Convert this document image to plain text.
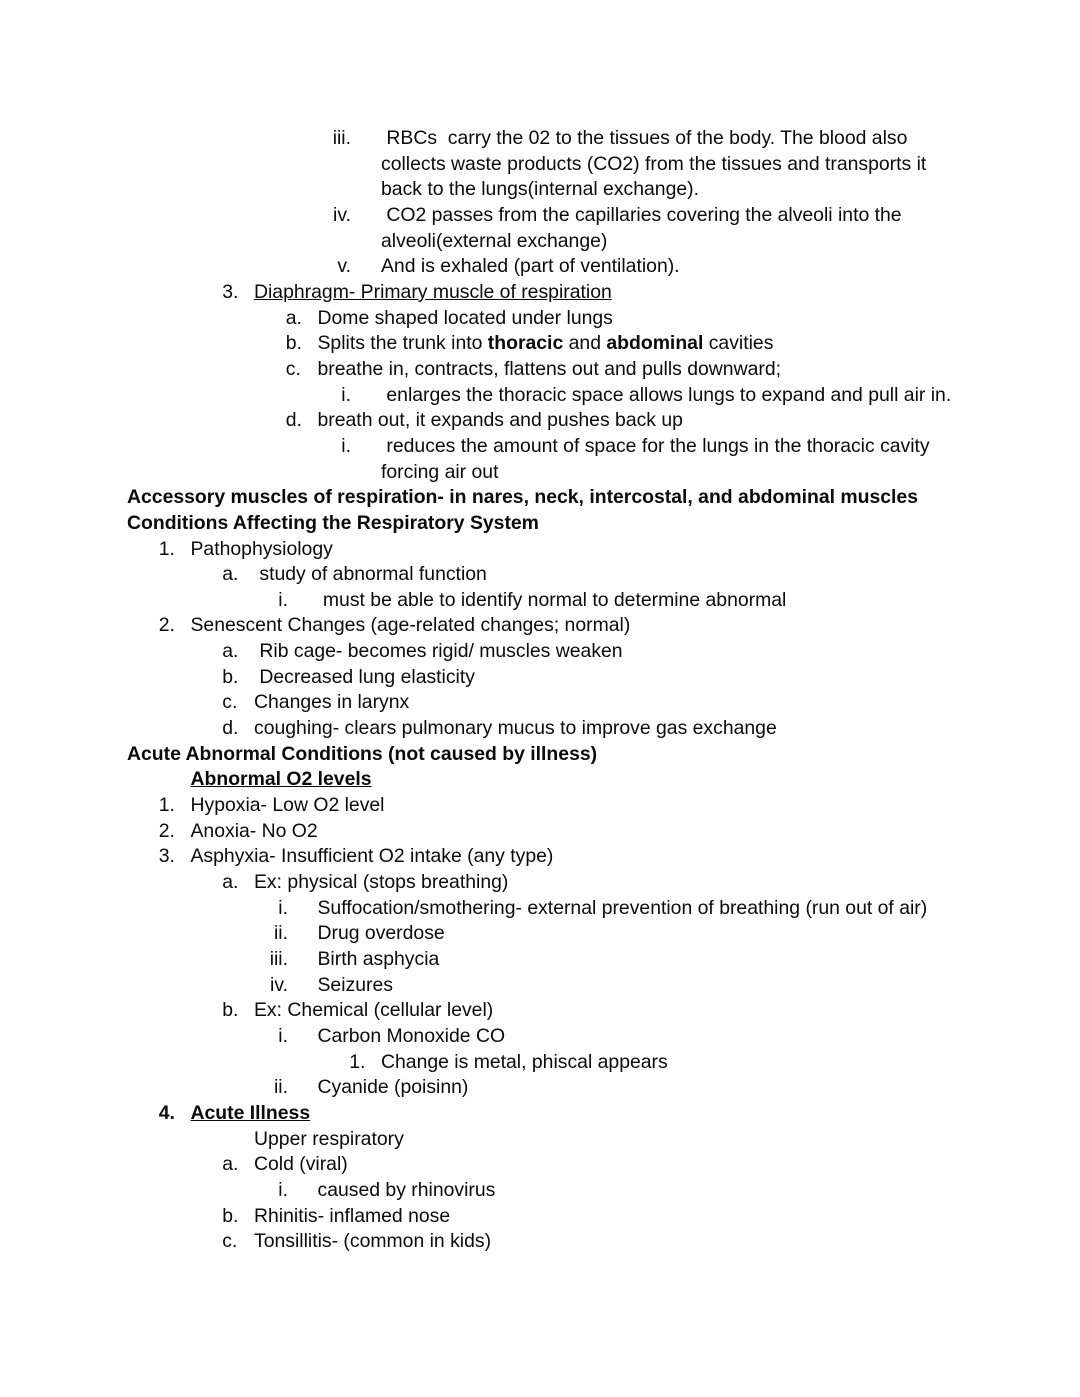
iii. RBCs  carry the 02 to the tissues of the body. The blood also collects waste products (CO2) from the tissues and transports it back to the lungs(internal exchange).
iv. CO2 passes from the capillaries covering the alveoli into the alveoli(external exchange)
v. And is exhaled (part of ventilation).
3. Diaphragm- Primary muscle of respiration
a. Dome shaped located under lungs
b. Splits the trunk into thoracic and abdominal cavities
c. breathe in, contracts, flattens out and pulls downward;
i. enlarges the thoracic space allows lungs to expand and pull air in.
d. breath out, it expands and pushes back up
i. reduces the amount of space for the lungs in the thoracic cavity forcing air out
Accessory muscles of respiration- in nares, neck, intercostal, and abdominal muscles
Conditions Affecting the Respiratory System
1. Pathophysiology
a. study of abnormal function
i. must be able to identify normal to determine abnormal
2. Senescent Changes (age-related changes; normal)
a. Rib cage- becomes rigid/ muscles weaken
b. Decreased lung elasticity
c. Changes in larynx
d. coughing- clears pulmonary mucus to improve gas exchange
Acute Abnormal Conditions (not caused by illness)
Abnormal O2 levels
1. Hypoxia- Low O2 level
2. Anoxia- No O2
3. Asphyxia- Insufficient O2 intake (any type)
a. Ex: physical (stops breathing)
i. Suffocation/smothering- external prevention of breathing (run out of air)
ii. Drug overdose
iii. Birth asphycia
iv. Seizures
b. Ex: Chemical (cellular level)
i. Carbon Monoxide CO
1. Change is metal, phiscal appears
ii. Cyanide (poisinn)
4. Acute Illness
Upper respiratory
a. Cold (viral)
i. caused by rhinovirus
b. Rhinitis- inflamed nose
c. Tonsillitis- (common in kids)
